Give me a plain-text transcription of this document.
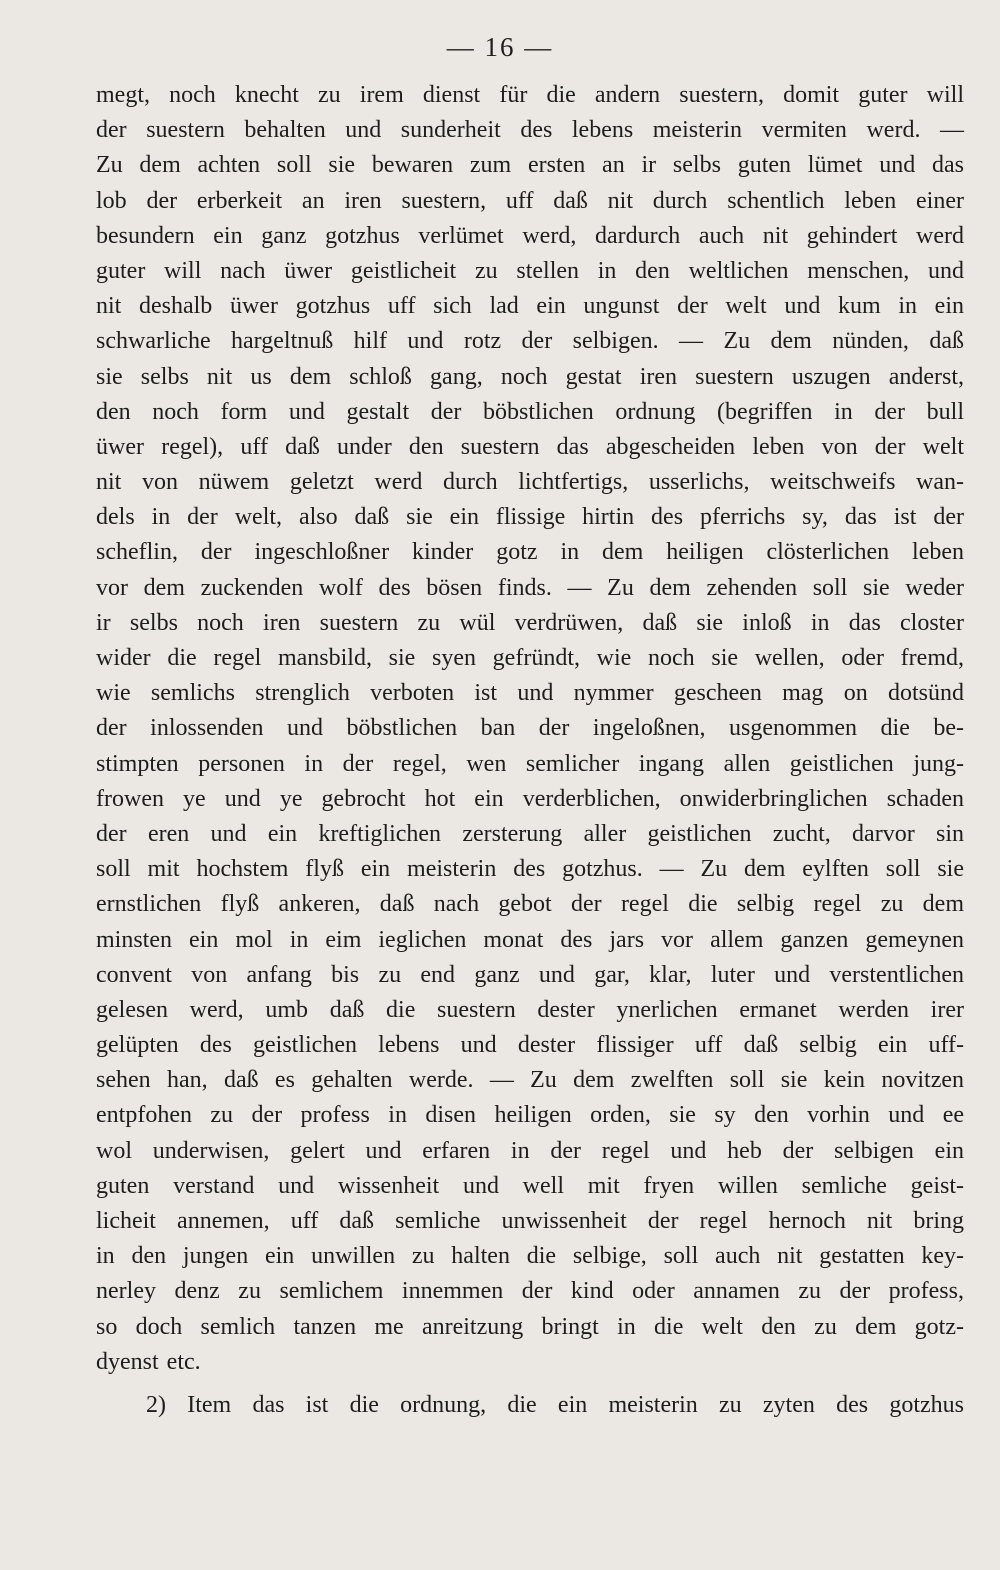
— 16 —
megt, noch knecht zu irem dienst für die andern suestern, domit guter will
der suestern behalten und sunderheit des lebens meisterin vermiten werd. —
Zu dem achten soll sie bewaren zum ersten an ir selbs guten lümet und das
lob der erberkeit an iren suestern, uff daß nit durch schentlich leben einer
besundern ein ganz gotzhus verlümet werd, dardurch auch nit gehindert werd
guter will nach üwer geistlicheit zu stellen in den weltlichen menschen, und
nit deshalb üwer gotzhus uff sich lad ein ungunst der welt und kum in ein
schwarliche hargeltnuß hilf und rotz der selbigen. — Zu dem nünden, daß
sie selbs nit us dem schloß gang, noch gestat iren suestern uszugen anderst,
den noch form und gestalt der böbstlichen ordnung (begriffen in der bull
üwer regel), uff daß under den suestern das abgescheiden leben von der welt
nit von nüwem geletzt werd durch lichtfertigs, usserlichs, weitschweifs wan-
dels in der welt, also daß sie ein flissige hirtin des pferrichs sy, das ist der
scheflin, der ingeschloßner kinder gotz in dem heiligen clösterlichen leben
vor dem zuckenden wolf des bösen finds. — Zu dem zehenden soll sie weder
ir selbs noch iren suestern zu wül verdrüwen, daß sie inloß in das closter
wider die regel mansbild, sie syen gefründt, wie noch sie wellen, oder fremd,
wie semlichs strenglich verboten ist und nymmer gescheen mag on dotsünd
der inlossenden und böbstlichen ban der ingeloßnen, usgenommen die be-
stimpten personen in der regel, wen semlicher ingang allen geistlichen jung-
frowen ye und ye gebrocht hot ein verderblichen, onwiderbringlichen schaden
der eren und ein kreftiglichen zersterung aller geistlichen zucht, darvor sin
soll mit hochstem flyß ein meisterin des gotzhus. — Zu dem eylften soll sie
ernstlichen flyß ankeren, daß nach gebot der regel die selbig regel zu dem
minsten ein mol in eim ieglichen monat des jars vor allem ganzen gemeynen
convent von anfang bis zu end ganz und gar, klar, luter und verstentlichen
gelesen werd, umb daß die suestern dester ynerlichen ermanet werden irer
gelüpten des geistlichen lebens und dester flissiger uff daß selbig ein uff-
sehen han, daß es gehalten werde. — Zu dem zwelften soll sie kein novitzen
entpfohen zu der profess in disen heiligen orden, sie sy den vorhin und ee
wol underwisen, gelert und erfaren in der regel und heb der selbigen ein
guten verstand und wissenheit und well mit fryen willen semliche geist-
licheit annemen, uff daß semliche unwissenheit der regel hernoch nit bring
in den jungen ein unwillen zu halten die selbige, soll auch nit gestatten key-
nerley denz zu semlichem innemmen der kind oder annamen zu der profess,
so doch semlich tanzen me anreitzung bringt in die welt den zu dem gotz-
dyenst etc.
2) Item das ist die ordnung, die ein meisterin zu zyten des gotzhus
